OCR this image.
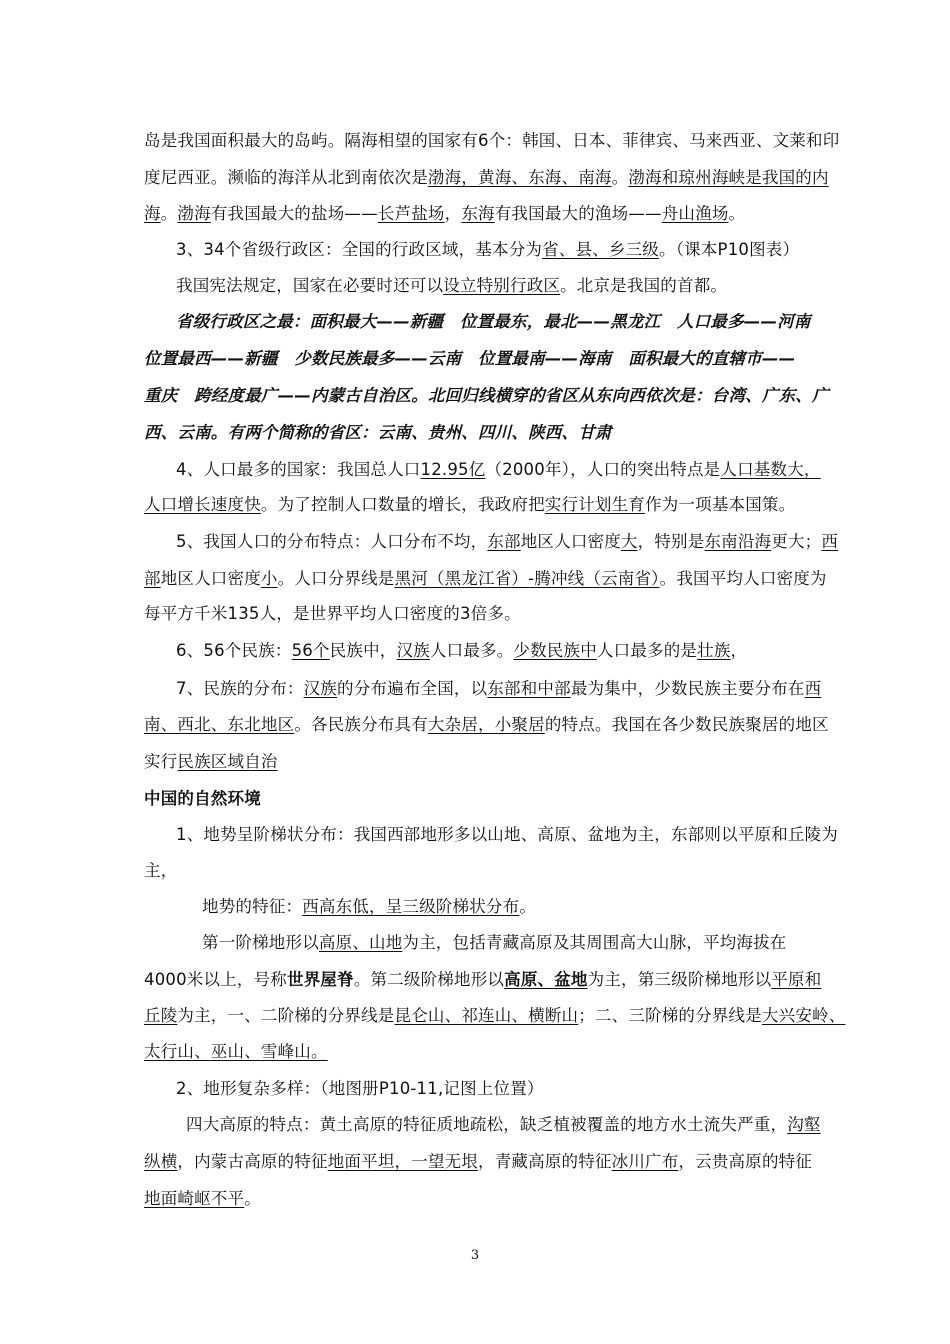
岛是我国面积最大的岛屿。隔海相望的国家有6个：韩国、日本、菲律宾、马来西亚、文莱和印
度尼西亚。濒临的海洋从北到南依次是渤海，黄海、东海、南海。渤海和琼州海峡是我国的内
海。渤海有我国最大的盐场——长芦盐场，东海有我国最大的渔场——舟山渔场。
3、34个省级行政区：全国的行政区域，基本分为省、县、乡三级。（课本P10图表）
我国宪法规定，国家在必要时还可以设立特别行政区。北京是我国的首都。
省级行政区之最：面积最大——新疆　位置最东，最北——黑龙江　人口最多——河南
位置最西——新疆　少数民族最多——云南　位置最南——海南　面积最大的直辖市——
重庆　跨经度最广——内蒙古自治区。北回归线横穿的省区从东向西依次是：台湾、广东、广
西、云南。有两个简称的省区：云南、贵州、四川、陕西、甘肃
4、人口最多的国家：我国总人口12.95亿（2000年），人口的突出特点是人口基数大，
人口增长速度快。为了控制人口数量的增长，我政府把实行计划生育作为一项基本国策。
5、我国人口的分布特点：人口分布不均，东部地区人口密度大，特别是东南沿海更大；西
部地区人口密度小。人口分界线是黑河（黑龙江省）-腾冲线（云南省）。我国平均人口密度为
每平方千米135人，是世界平均人口密度的3倍多。
6、56个民族：56个民族中，汉族人口最多。少数民族中人口最多的是壮族，
7、民族的分布：汉族的分布遍布全国，以东部和中部最为集中，少数民族主要分布在西
南、西北、东北地区。各民族分布具有大杂居，小聚居的特点。我国在各少数民族聚居的地区
实行民族区域自治
中国的自然环境
1、地势呈阶梯状分布：我国西部地形多以山地、高原、盆地为主，东部则以平原和丘陵为
主，
地势的特征：西高东低，呈三级阶梯状分布。
第一阶梯地形以高原、山地为主，包括青藏高原及其周围高大山脉，平均海拔在
4000米以上，号称世界屋脊。第二级阶梯地形以高原、盆地为主，第三级阶梯地形以平原和
丘陵为主，一、二阶梯的分界线是昆仑山、祁连山、横断山；二、三阶梯的分界线是大兴安岭、
太行山、巫山、雪峰山。
2、地形复杂多样：（地图册P10-11,记图上位置）
四大高原的特点：黄土高原的特征质地疏松，缺乏植被覆盖的地方水土流失严重，沟壑
纵横，内蒙古高原的特征地面平坦，一望无垠，青藏高原的特征冰川广布，云贵高原的特征
地面崎岖不平。
3
